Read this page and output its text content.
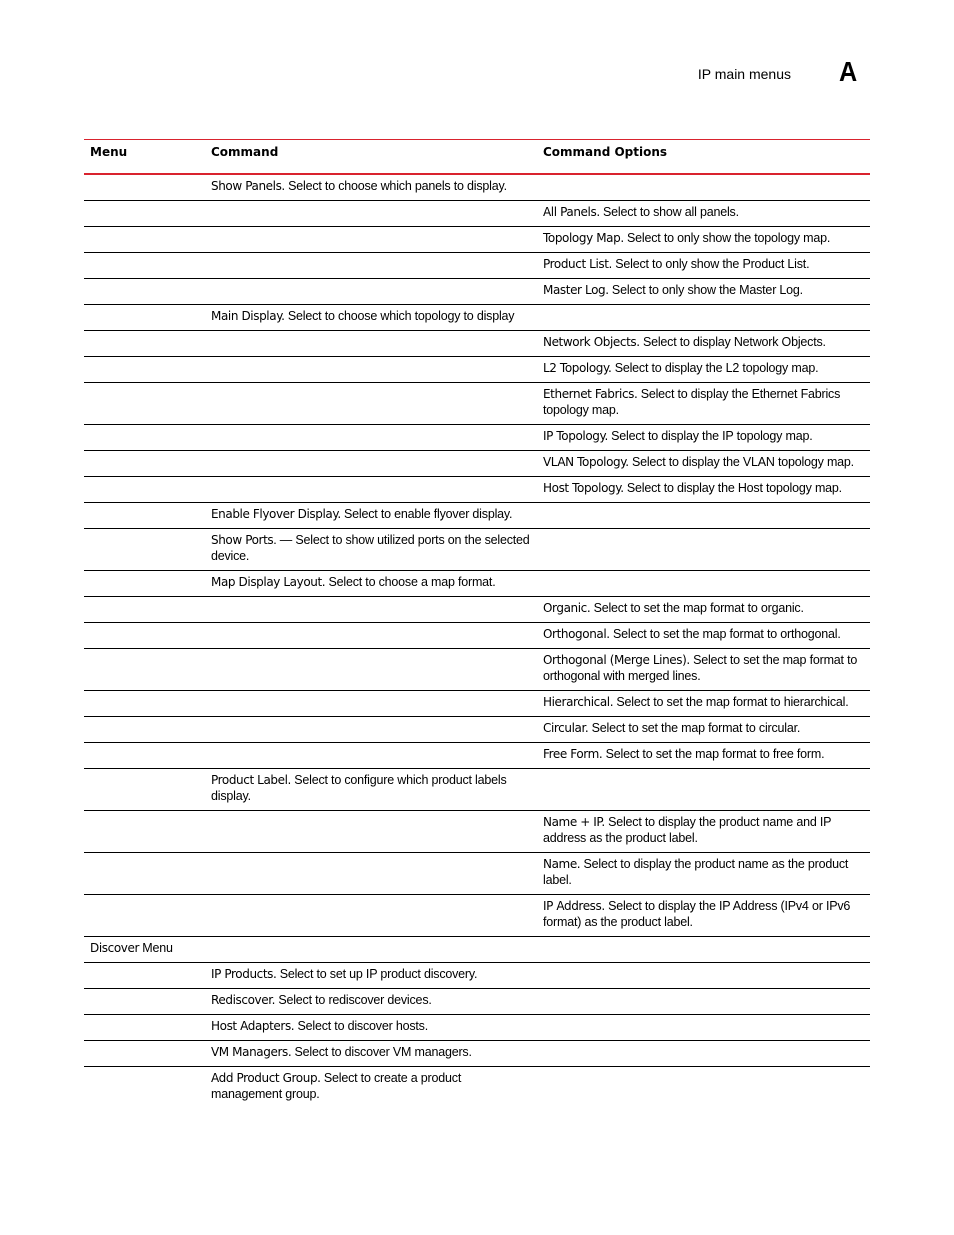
IP main menus A
Menu	Command	Command Options
	Show Panels. Select to choose which panels to display.	
		All Panels. Select to show all panels.
		Topology Map. Select to only show the topology map.
		Product List. Select to only show the Product List.
		Master Log. Select to only show the Master Log.
	Main Display. Select to choose which topology to display	
		Network Objects. Select to display Network Objects.
		L2 Topology. Select to display the L2 topology map.
		Ethernet Fabrics. Select to display the Ethernet Fabrics topology map.
		IP Topology. Select to display the IP topology map.
		VLAN Topology. Select to display the VLAN topology map.
		Host Topology. Select to display the Host topology map.
	Enable Flyover Display. Select to enable flyover display.	
	Show Ports. — Select to show utilized ports on the selected device.	
	Map Display Layout. Select to choose a map format.	
		Organic. Select to set the map format to organic.
		Orthogonal. Select to set the map format to orthogonal.
		Orthogonal (Merge Lines). Select to set the map format to orthogonal with merged lines.
		Hierarchical. Select to set the map format to hierarchical.
		Circular. Select to set the map format to circular.
		Free Form. Select to set the map format to free form.
	Product Label. Select to configure which product labels display.	
		Name + IP. Select to display the product name and IP address as the product label.
		Name. Select to display the product name as the product label.
		IP Address. Select to display the IP Address (IPv4 or IPv6 format) as the product label.
Discover Menu		
	IP Products. Select to set up IP product discovery.	
	Rediscover. Select to rediscover devices.	
	Host Adapters. Select to discover hosts.	
	VM Managers. Select to discover VM managers.	
	Add Product Group. Select to create a product management group.	
